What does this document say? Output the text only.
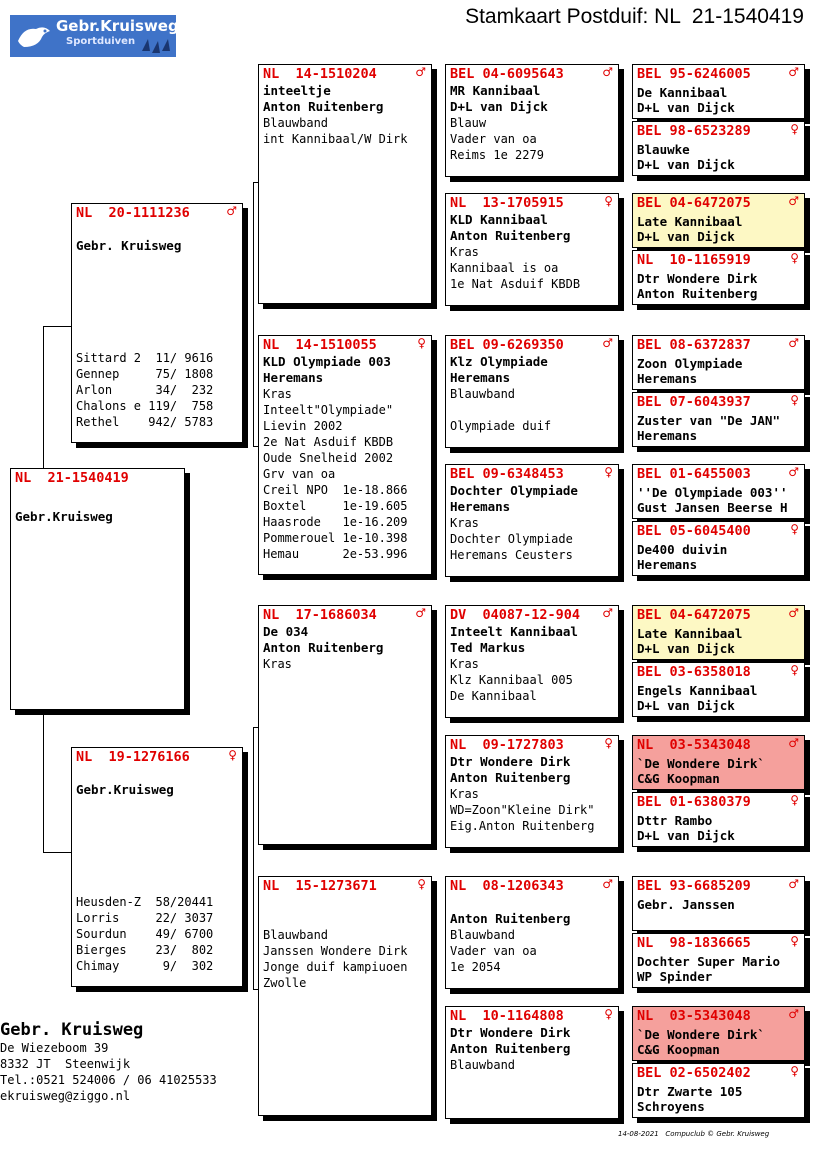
Gebr.Kruisweg
Sportduiven
Stamkaart Postduif: NL  21-1540419
NL  21-1540419
Gebr.Kruisweg
NL  20-1111236	♂
Gebr. Kruisweg
Sittard 2  11/ 9616
Gennep     75/ 1808
Arlon      34/  232
Chalons e 119/  758
Rethel    942/ 5783
NL  19-1276166	♀
Gebr.Kruisweg
Heusden-Z  58/20441
Lorris     22/ 3037
Sourdun    49/ 6700
Bierges    23/  802
Chimay      9/  302
NL  14-1510204	♂
inteeltje
Anton Ruitenberg
Blauwband
int Kannibaal/W Dirk
NL  14-1510055	♀
KLD Olympiade 003
Heremans
Kras
Inteelt"Olympiade"
Lievin 2002
2e Nat Asduif KBDB
Oude Snelheid 2002
Grv van oa
Creil NPO  1e-18.866
Boxtel     1e-19.605
Haasrode   1e-16.209
Pommerouel 1e-10.398
Hemau      2e-53.996
NL  17-1686034	♂
De 034
Anton Ruitenberg
Kras
NL  15-1273671	♀
Blauwband
Janssen Wondere Dirk
Jonge duif kampiuoen
Zwolle
BEL 04-6095643	♂
MR Kannibaal
D+L van Dijck
Blauw
Vader van oa
Reims 1e 2279
NL  13-1705915	♀
KLD Kannibaal
Anton Ruitenberg
Kras
Kannibaal is oa
1e Nat Asduif KBDB
BEL 09-6269350	♂
Klz Olympiade
Heremans
Blauwband
Olympiade duif
BEL 09-6348453	♀
Dochter Olympiade
Heremans
Kras
Dochter Olympiade
Heremans Ceusters
DV  04087-12-904	♂
Inteelt Kannibaal
Ted Markus
Kras
Klz Kannibaal 005
De Kannibaal
NL  09-1727803	♀
Dtr Wondere Dirk
Anton Ruitenberg
Kras
WD=Zoon"Kleine Dirk"
Eig.Anton Ruitenberg
NL  08-1206343	♂
Anton Ruitenberg
Blauwband
Vader van oa
1e 2054
NL  10-1164808	♀
Dtr Wondere Dirk
Anton Ruitenberg
Blauwband
BEL 95-6246005	♂
De Kannibaal
D+L van Dijck
BEL 98-6523289	♀
Blauwke
D+L van Dijck
BEL 04-6472075	♂
Late Kannibaal
D+L van Dijck
NL  10-1165919	♀
Dtr Wondere Dirk
Anton Ruitenberg
BEL 08-6372837	♂
Zoon Olympiade
Heremans
BEL 07-6043937	♀
Zuster van "De JAN"
Heremans
BEL 01-6455003	♂
''De Olympiade 003''
Gust Jansen Beerse H
BEL 05-6045400	♀
De400 duivin
Heremans
BEL 04-6472075	♂
Late Kannibaal
D+L van Dijck
BEL 03-6358018	♀
Engels Kannibaal
D+L van Dijck
NL  03-5343048	♂
`De Wondere Dirk`
C&G Koopman
BEL 01-6380379	♀
Dttr Rambo
D+L van Dijck
BEL 93-6685209	♂
Gebr. Janssen
NL  98-1836665	♀
Dochter Super Mario
WP Spinder
NL  03-5343048	♂
`De Wondere Dirk`
C&G Koopman
BEL 02-6502402	♀
Dtr Zwarte 105
Schroyens
Gebr. Kruisweg
De Wiezeboom 39
8332 JT  Steenwijk
Tel.:0521 524006 / 06 41025533
ekruisweg@ziggo.nl
14-08-2021   Compuclub © Gebr. Kruisweg
